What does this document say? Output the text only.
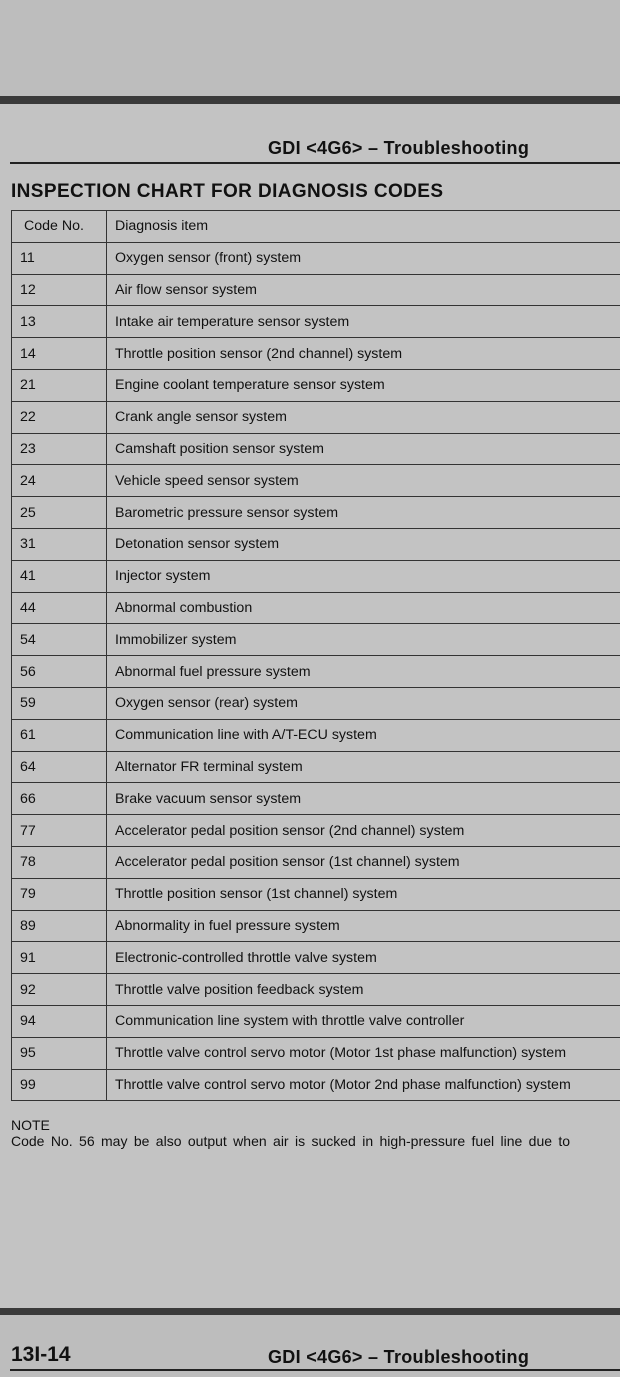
GDI <4G6> – Troubleshooting
INSPECTION CHART FOR DIAGNOSIS CODES
Code No.	Diagnosis item
11	Oxygen sensor (front) system
12	Air flow sensor system
13	Intake air temperature sensor system
14	Throttle position sensor (2nd channel) system
21	Engine coolant temperature sensor system
22	Crank angle sensor system
23	Camshaft position sensor system
24	Vehicle speed sensor system
25	Barometric pressure sensor system
31	Detonation sensor system
41	Injector system
44	Abnormal combustion
54	Immobilizer system
56	Abnormal fuel pressure system
59	Oxygen sensor (rear) system
61	Communication line with A/T-ECU system
64	Alternator FR terminal system
66	Brake vacuum sensor system
77	Accelerator pedal position sensor (2nd channel) system
78	Accelerator pedal position sensor (1st channel) system
79	Throttle position sensor (1st channel) system
89	Abnormality in fuel pressure system
91	Electronic-controlled throttle valve system
92	Throttle valve position feedback system
94	Communication line system with throttle valve controller
95	Throttle valve control servo motor (Motor 1st phase malfunction) system
99	Throttle valve control servo motor (Motor 2nd phase malfunction) system
NOTE
Code No. 56 may be also output when air is sucked in high-pressure fuel line due to
13I-14	GDI <4G6> – Troubleshooting
